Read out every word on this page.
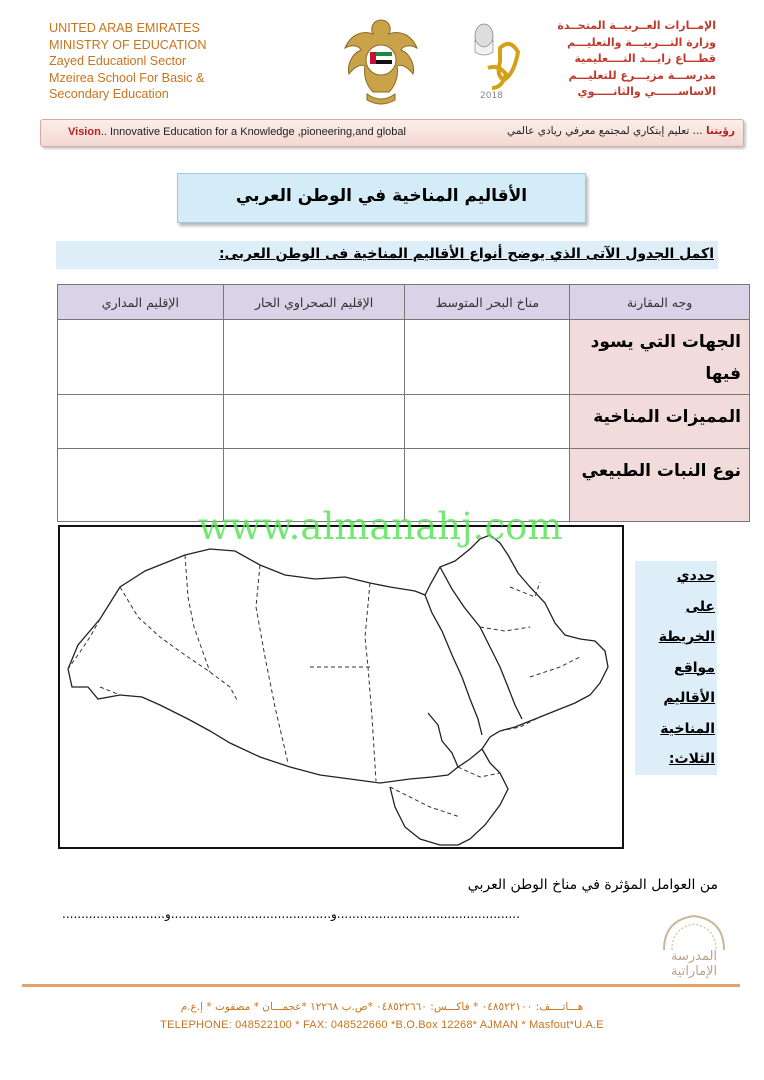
UNITED ARAB EMIRATES
MINISTRY OF EDUCATION
Zayed Educationl Sector
Mzeirea School For Basic &
Secondary Education	2018
الإمــارات العــربيــة المتحــدة
وزارة التـــربيـــة والتعليـــم
قطـــاع زايـــد التــــعليمية
مدرســـة مزيـــرع للتعليـــم
الاساســــــي والثانـــــوي
Vision.. Innovative Education for a Knowledge ,pioneering,and global	رؤيتنا ... تعليم إبتكاري لمجتمع معرفي ريادي عالمي
الأقاليم المناخية في الوطن العربي
اكمل الجدول الآتى الذي يوضح أنواع الأقاليم المناخية فى الوطن العربى:
وجه المقارنة	مناخ البحر المتوسط	الإقليم الصحراوي الحار	الإقليم المداري
الجهات التي يسود فيها			
المميزات المناخية			
نوع النبات الطبيعي			
www.almanahj.com
حددي
على
الخريطة
مواقع
الأقاليم
المناخية
الثلاث:
من العوامل المؤثرة في مناخ الوطن العربي
...........................و..........................................و................................................
المدرسة
الإماراتية
هـــاتــــف: ٠٤٨٥٢٢١٠٠ * فاكـــس: ٠٤٨٥٢٢٦٦٠ *ص.ب ١٢٢٦٨ *عجمـــان * مصفوت * إ.ع.م
TELEPHONE: 048522100 * FAX: 048522660 *B.O.Box 12268* AJMAN * Masfout*U.A.E
